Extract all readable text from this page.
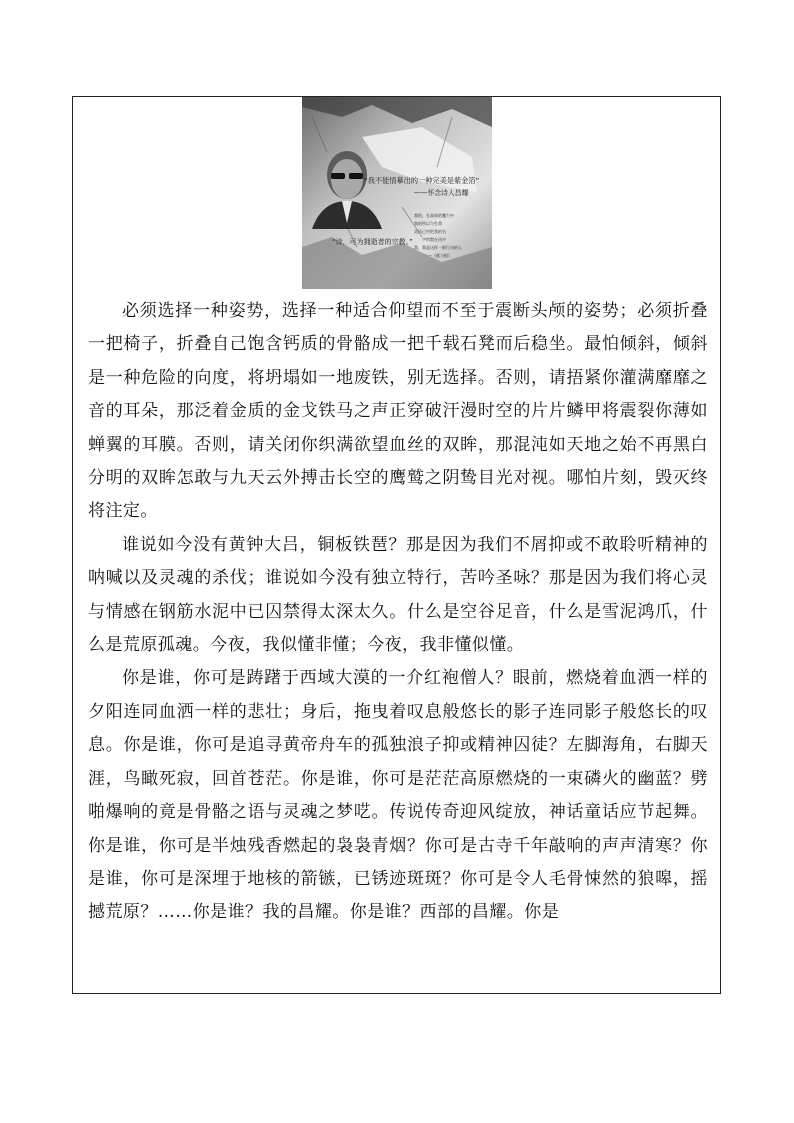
“我不能情摹出的一种完美是紫金箔”
——怀念诗人昌耀
我的，在高原的魔力中
我的所以与生命
北风已经把我的名
字吹散在风中
我，我是这样一群行动的人
“诗，可为拥逝者的宗教。”
—《慈与恨》

必须选择一种姿势，选择一种适合仰望而不至于震断头颅的姿势；必须折叠一把椅子，折叠自己饱含钙质的骨骼成一把千载石凳而后稳坐。最怕倾斜，倾斜是一种危险的向度，将坍塌如一地废铁，别无选择。否则，请捂紧你灌满靡靡之音的耳朵，那泛着金质的金戈铁马之声正穿破汗漫时空的片片鳞甲将震裂你薄如蝉翼的耳膜。否则，请关闭你织满欲望血丝的双眸，那混沌如天地之始不再黑白分明的双眸怎敢与九天云外搏击长空的鹰鹫之阴鸷目光对视。哪怕片刻，毁灭终将注定。

谁说如今没有黄钟大吕，铜板铁琶？那是因为我们不屑抑或不敢聆听精神的呐喊以及灵魂的杀伐；谁说如今没有独立特行，苦吟圣咏？那是因为我们将心灵与情感在钢筋水泥中已囚禁得太深太久。什么是空谷足音，什么是雪泥鸿爪，什么是荒原孤魂。今夜，我似懂非懂；今夜，我非懂似懂。

你是谁，你可是踌躇于西域大漠的一介红袍僧人？眼前，燃烧着血洒一样的夕阳连同血洒一样的悲壮；身后，拖曳着叹息般悠长的影子连同影子般悠长的叹息。你是谁，你可是追寻黄帝舟车的孤独浪子抑或精神囚徒？左脚海角，右脚天涯，鸟瞰死寂，回首苍茫。你是谁，你可是茫茫高原燃烧的一束磷火的幽蓝？劈啪爆响的竟是骨骼之语与灵魂之梦呓。传说传奇迎风绽放，神话童话应节起舞。你是谁，你可是半烛残香燃起的袅袅青烟？你可是古寺千年敲响的声声清寒？你是谁，你可是深埋于地核的箭镞，已锈迹斑斑？你可是令人毛骨悚然的狼嗥，摇撼荒原？……你是谁？我的昌耀。你是谁？西部的昌耀。你是
